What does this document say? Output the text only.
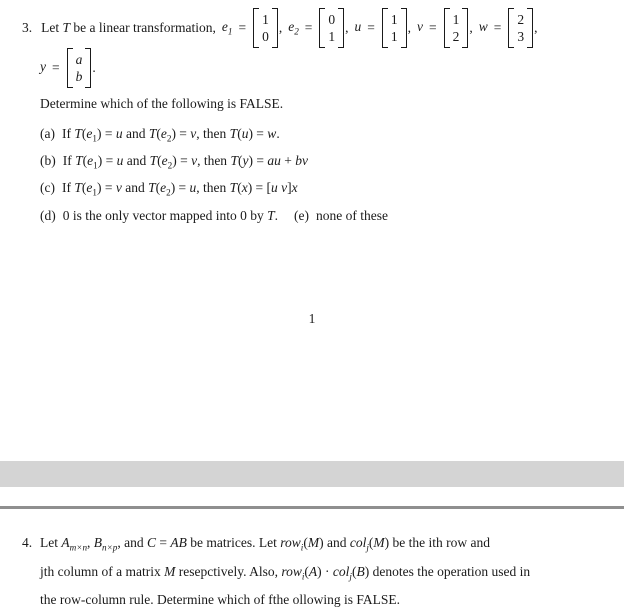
3. Let T be a linear transformation, $e_1$ =
1
0
, $e_2$ =
0
1
, u =
1
1
, v =
1
2
, w =
2
3
,
y =
a
b
.
Determine which of the following is FALSE.
(a) If $T(e_1) = u$ and $T(e_2) = v$, then T(u) = w.
(b) If $T(e_1) = u$ and $T(e_2) = v$, then T(y) = au + bv
(c) If $T(e_1) = v$ and $T(e_2) = u$, then T(x) = [u v]x
(d) 0 is the only vector mapped into 0 by T. (e) none of these
1
4. Let $A_{m\times n}$, $B_{n\times p}$, and C = AB be matrices. Let row$_i$(M) and col$_j$(M) be the ith row and
jth column of a matrix M resepctively. Also, row$_i$(A) · col$_j$(B) denotes the operation used in
the row-column rule. Determine which of fthe ollowing is FALSE.
